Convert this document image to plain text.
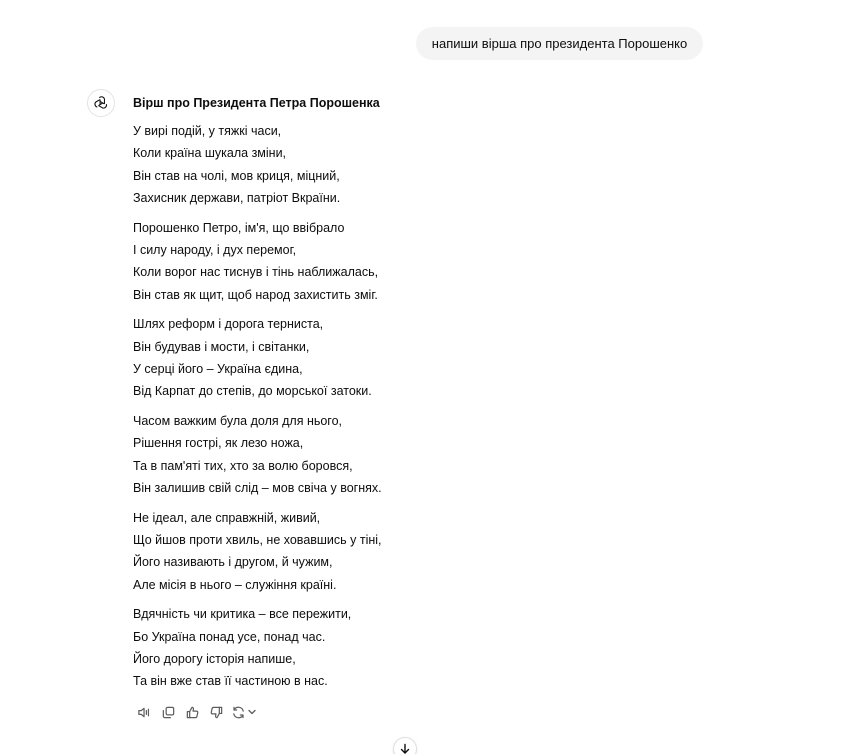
напиши вірша про президента Порошенко
Вірш про Президента Петра Порошенка
У вирі подій, у тяжкі часи,
Коли країна шукала зміни,
Він став на чолі, мов криця, міцний,
Захисник держави, патріот Вкраїни.
Порошенко Петро, ім'я, що ввібрало
І силу народу, і дух перемог,
Коли ворог нас тиснув і тінь наближалась,
Він став як щит, щоб народ захистить зміг.
Шлях реформ і дорога терниста,
Він будував і мости, і світанки,
У серці його – Україна єдина,
Від Карпат до степів, до морської затоки.
Часом важким була доля для нього,
Рішення гострі, як лезо ножа,
Та в пам'яті тих, хто за волю боровся,
Він залишив свій слід – мов свіча у вогнях.
Не ідеал, але справжній, живий,
Що йшов проти хвиль, не ховавшись у тіні,
Його називають і другом, й чужим,
Але місія в нього – служіння країні.
Вдячність чи критика – все пережити,
Бо Україна понад усе, понад час.
Його дорогу історія напише,
Та він вже став її частиною в нас.
